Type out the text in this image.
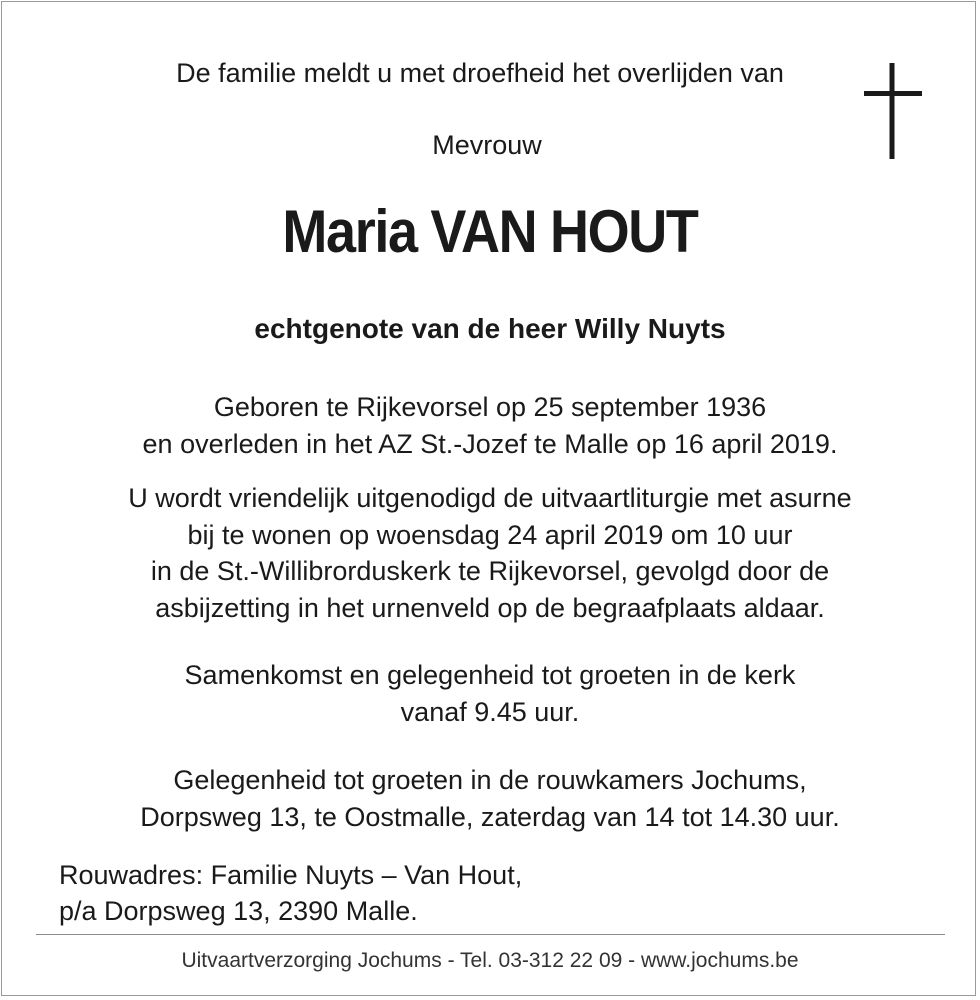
De familie meldt u met droefheid het overlijden van
Mevrouw
Maria VAN HOUT
echtgenote van de heer Willy Nuyts
Geboren te Rijkevorsel op 25 september 1936
en overleden in het AZ St.-Jozef te Malle op 16 april 2019.
U wordt vriendelijk uitgenodigd de uitvaartliturgie met asurne
bij te wonen op woensdag 24 april 2019 om 10 uur
in de St.-Willibrorduskerk te Rijkevorsel, gevolgd door de
asbijzetting in het urnenveld op de begraafplaats aldaar.
Samenkomst en gelegenheid tot groeten in de kerk
vanaf 9.45 uur.
Gelegenheid tot groeten in de rouwkamers Jochums,
Dorpsweg 13, te Oostmalle, zaterdag van 14 tot 14.30 uur.
Rouwadres: Familie Nuyts – Van Hout,
p/a Dorpsweg 13, 2390 Malle.
Uitvaartverzorging Jochums - Tel. 03-312 22 09 - www.jochums.be
